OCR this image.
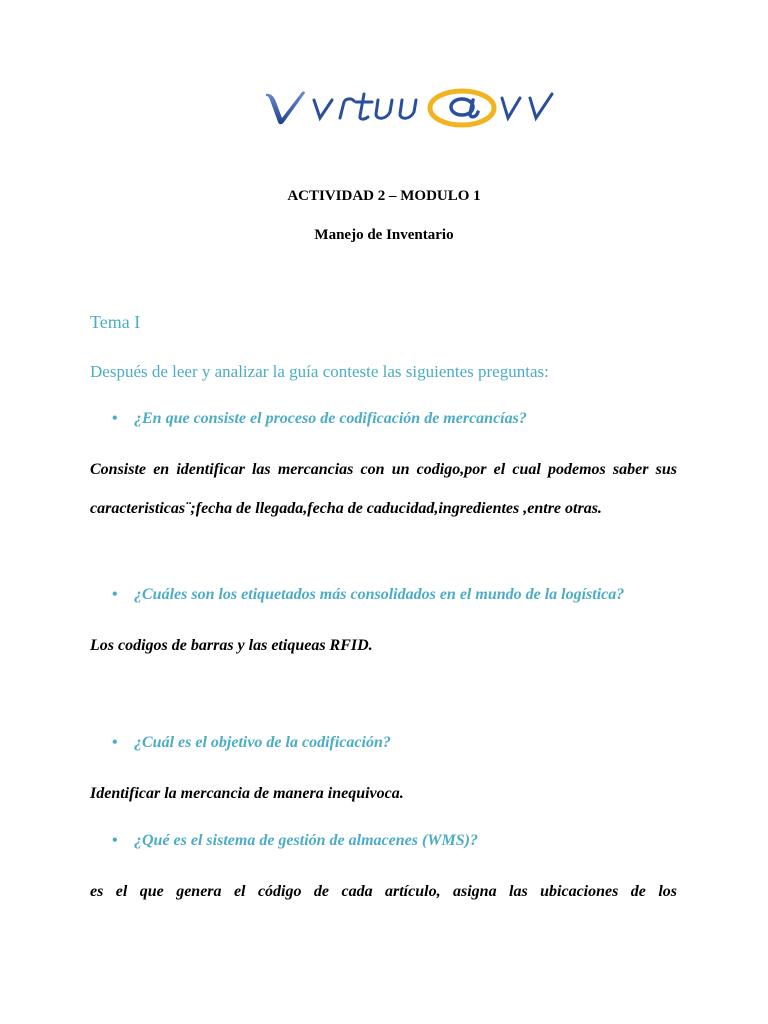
ACTIVIDAD 2 – MODULO 1
Manejo de Inventario
Tema I
Después de leer y analizar la guía conteste las siguientes preguntas:
•	¿En que consiste el proceso de codificación de mercancías?
Consiste en identificar las mercancias con un codigo,por el cual podemos saber sus caracteristicas¨;fecha de llegada,fecha de caducidad,ingredientes ,entre otras.
•	¿Cuáles son los etiquetados más consolidados en el mundo de la logística?
Los codigos de barras y las etiqueas RFID.
•	¿Cuál es el objetivo de la codificación?
Identificar la mercancia de manera inequivoca.
•	¿Qué es el sistema de gestión de almacenes (WMS)?
es el que genera el código de cada artículo, asigna las ubicaciones de los
